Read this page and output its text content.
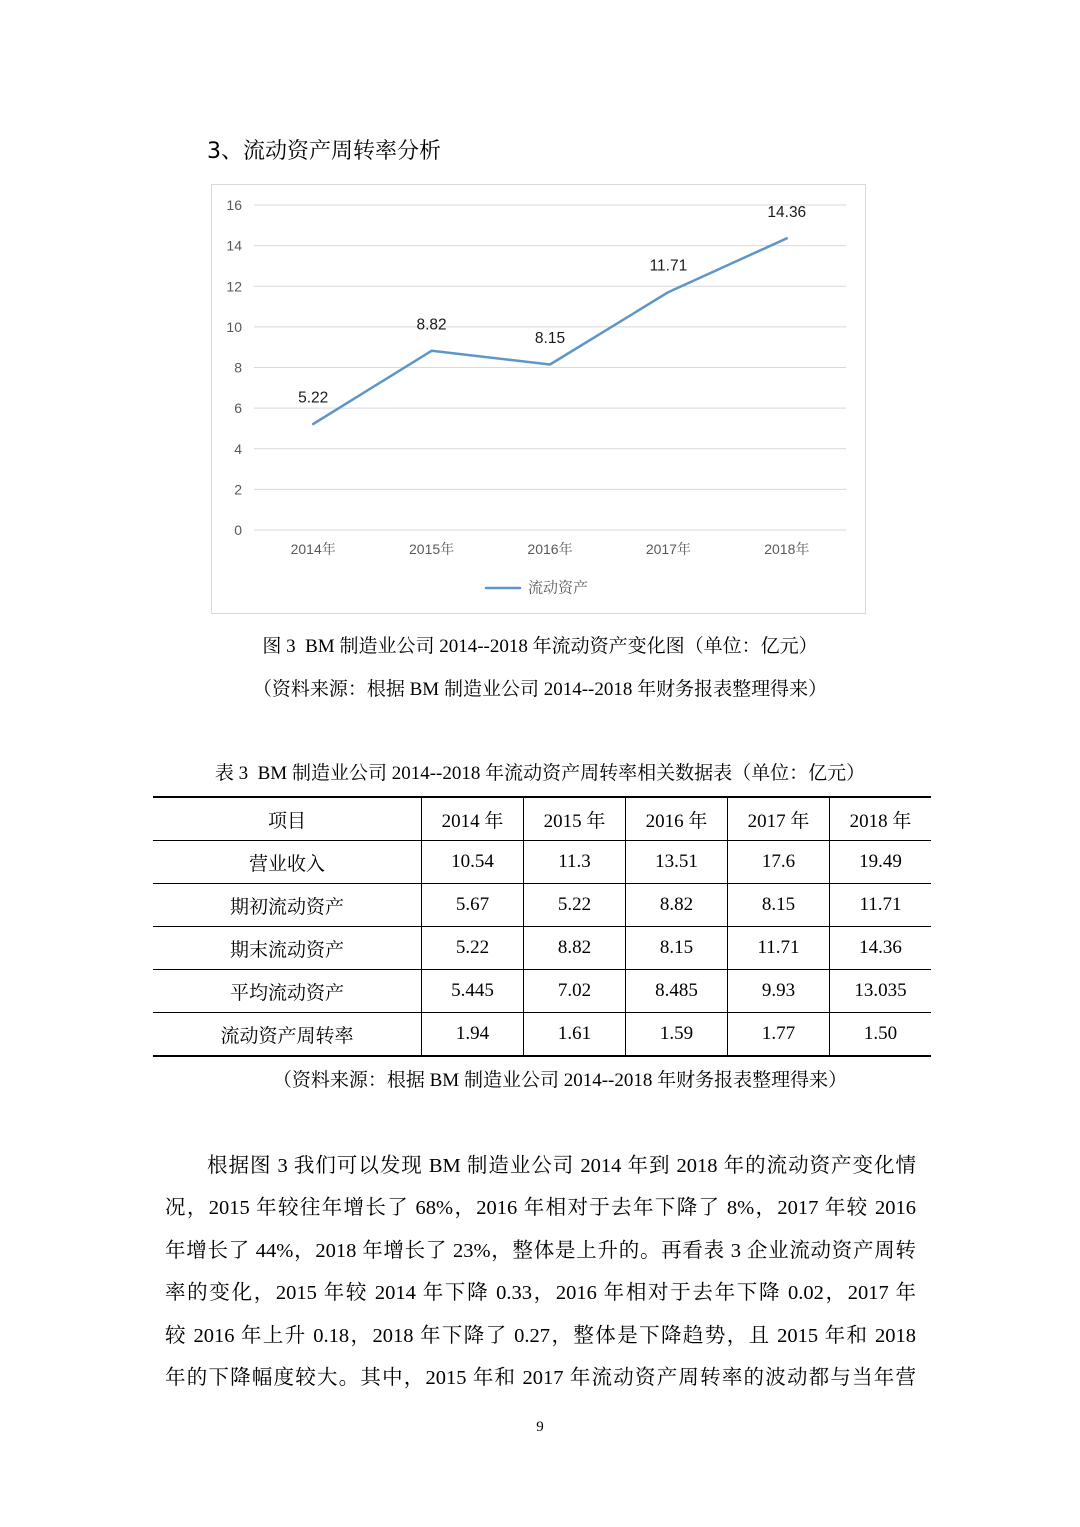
3、流动资产周转率分析
0
2
4
6
8
10
12
14
16
2014年	2015年	2016年	2017年	2018年
5.22
8.82
8.15
11.71
14.36
流动资产
图 3  BM 制造业公司 2014--2018 年流动资产变化图（单位：亿元）
（资料来源：根据 BM 制造业公司 2014--2018 年财务报表整理得来）
表 3  BM 制造业公司 2014--2018 年流动资产周转率相关数据表（单位：亿元）
项目	2014 年	2015 年	2016 年	2017 年	2018 年
营业收入	10.54	11.3	13.51	17.6	19.49
期初流动资产	5.67	5.22	8.82	8.15	11.71
期末流动资产	5.22	8.82	8.15	11.71	14.36
平均流动资产	5.445	7.02	8.485	9.93	13.035
流动资产周转率	1.94	1.61	1.59	1.77	1.50
（资料来源：根据 BM 制造业公司 2014--2018 年财务报表整理得来）
根据图 3 我们可以发现 BM 制造业公司 2014 年到 2018 年的流动资产变化情
况，2015 年较往年增长了 68%，2016 年相对于去年下降了 8%，2017 年较 2016
年增长了 44%，2018 年增长了 23%，整体是上升的。再看表 3 企业流动资产周转
率的变化，2015 年较 2014 年下降 0.33，2016 年相对于去年下降 0.02，2017 年
较 2016 年上升 0.18，2018 年下降了 0.27，整体是下降趋势，且 2015 年和 2018
年的下降幅度较大。其中，2015 年和 2017 年流动资产周转率的波动都与当年营
9
